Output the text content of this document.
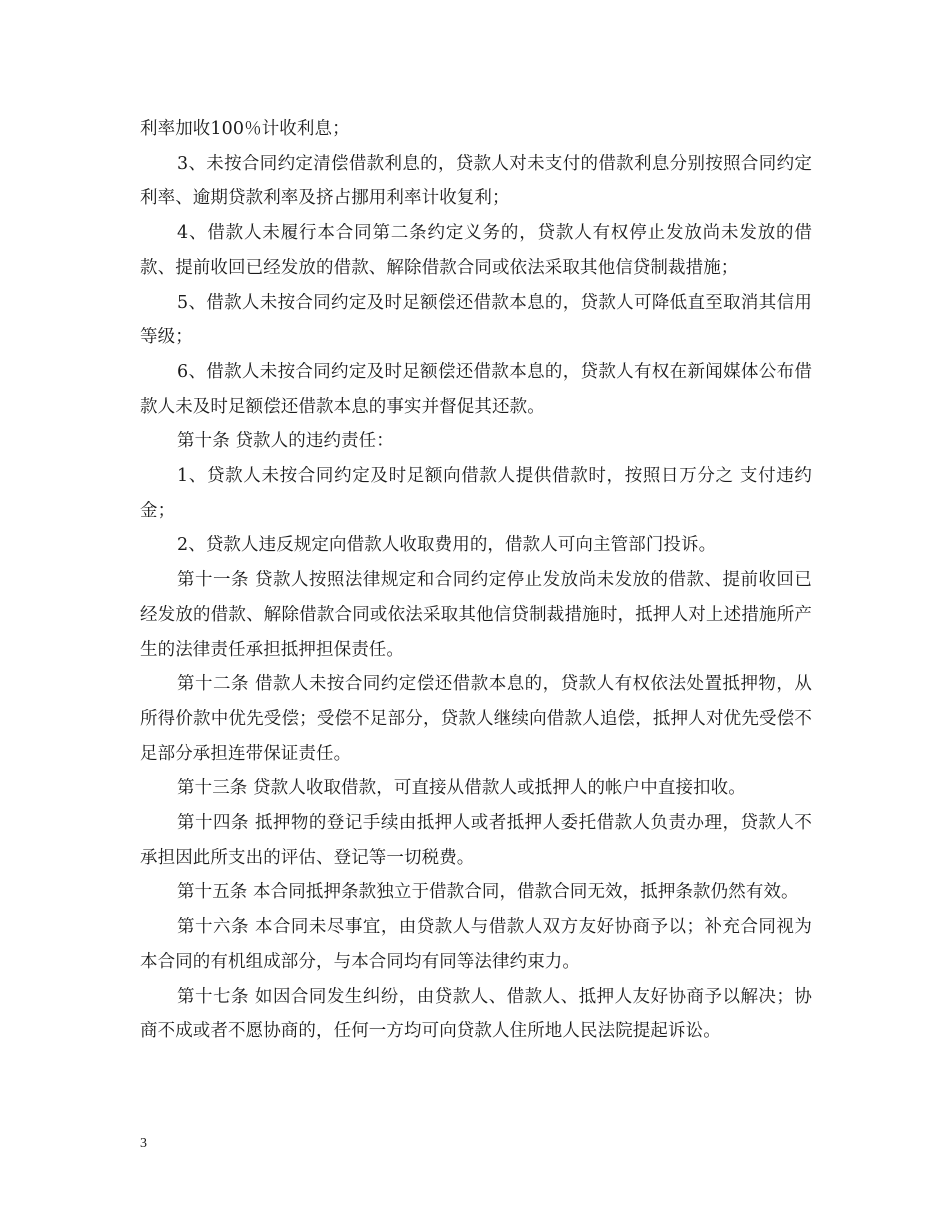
利率加收100％计收利息；

3、未按合同约定清偿借款利息的，贷款人对未支付的借款利息分别按照合同约定利率、逾期贷款利率及挤占挪用利率计收复利；

4、借款人未履行本合同第二条约定义务的，贷款人有权停止发放尚未发放的借款、提前收回已经发放的借款、解除借款合同或依法采取其他信贷制裁措施；

5、借款人未按合同约定及时足额偿还借款本息的，贷款人可降低直至取消其信用等级；

6、借款人未按合同约定及时足额偿还借款本息的，贷款人有权在新闻媒体公布借款人未及时足额偿还借款本息的事实并督促其还款。

第十条 贷款人的违约责任：

1、贷款人未按合同约定及时足额向借款人提供借款时，按照日万分之 支付违约金；

2、贷款人违反规定向借款人收取费用的，借款人可向主管部门投诉。

第十一条 贷款人按照法律规定和合同约定停止发放尚未发放的借款、提前收回已经发放的借款、解除借款合同或依法采取其他信贷制裁措施时，抵押人对上述措施所产生的法律责任承担抵押担保责任。

第十二条 借款人未按合同约定偿还借款本息的，贷款人有权依法处置抵押物，从所得价款中优先受偿；受偿不足部分，贷款人继续向借款人追偿，抵押人对优先受偿不足部分承担连带保证责任。

第十三条 贷款人收取借款，可直接从借款人或抵押人的帐户中直接扣收。

第十四条 抵押物的登记手续由抵押人或者抵押人委托借款人负责办理，贷款人不承担因此所支出的评估、登记等一切税费。

第十五条 本合同抵押条款独立于借款合同，借款合同无效，抵押条款仍然有效。

第十六条 本合同未尽事宜，由贷款人与借款人双方友好协商予以；补充合同视为本合同的有机组成部分，与本合同均有同等法律约束力。

第十七条 如因合同发生纠纷，由贷款人、借款人、抵押人友好协商予以解决；协商不成或者不愿协商的，任何一方均可向贷款人住所地人民法院提起诉讼。

3
